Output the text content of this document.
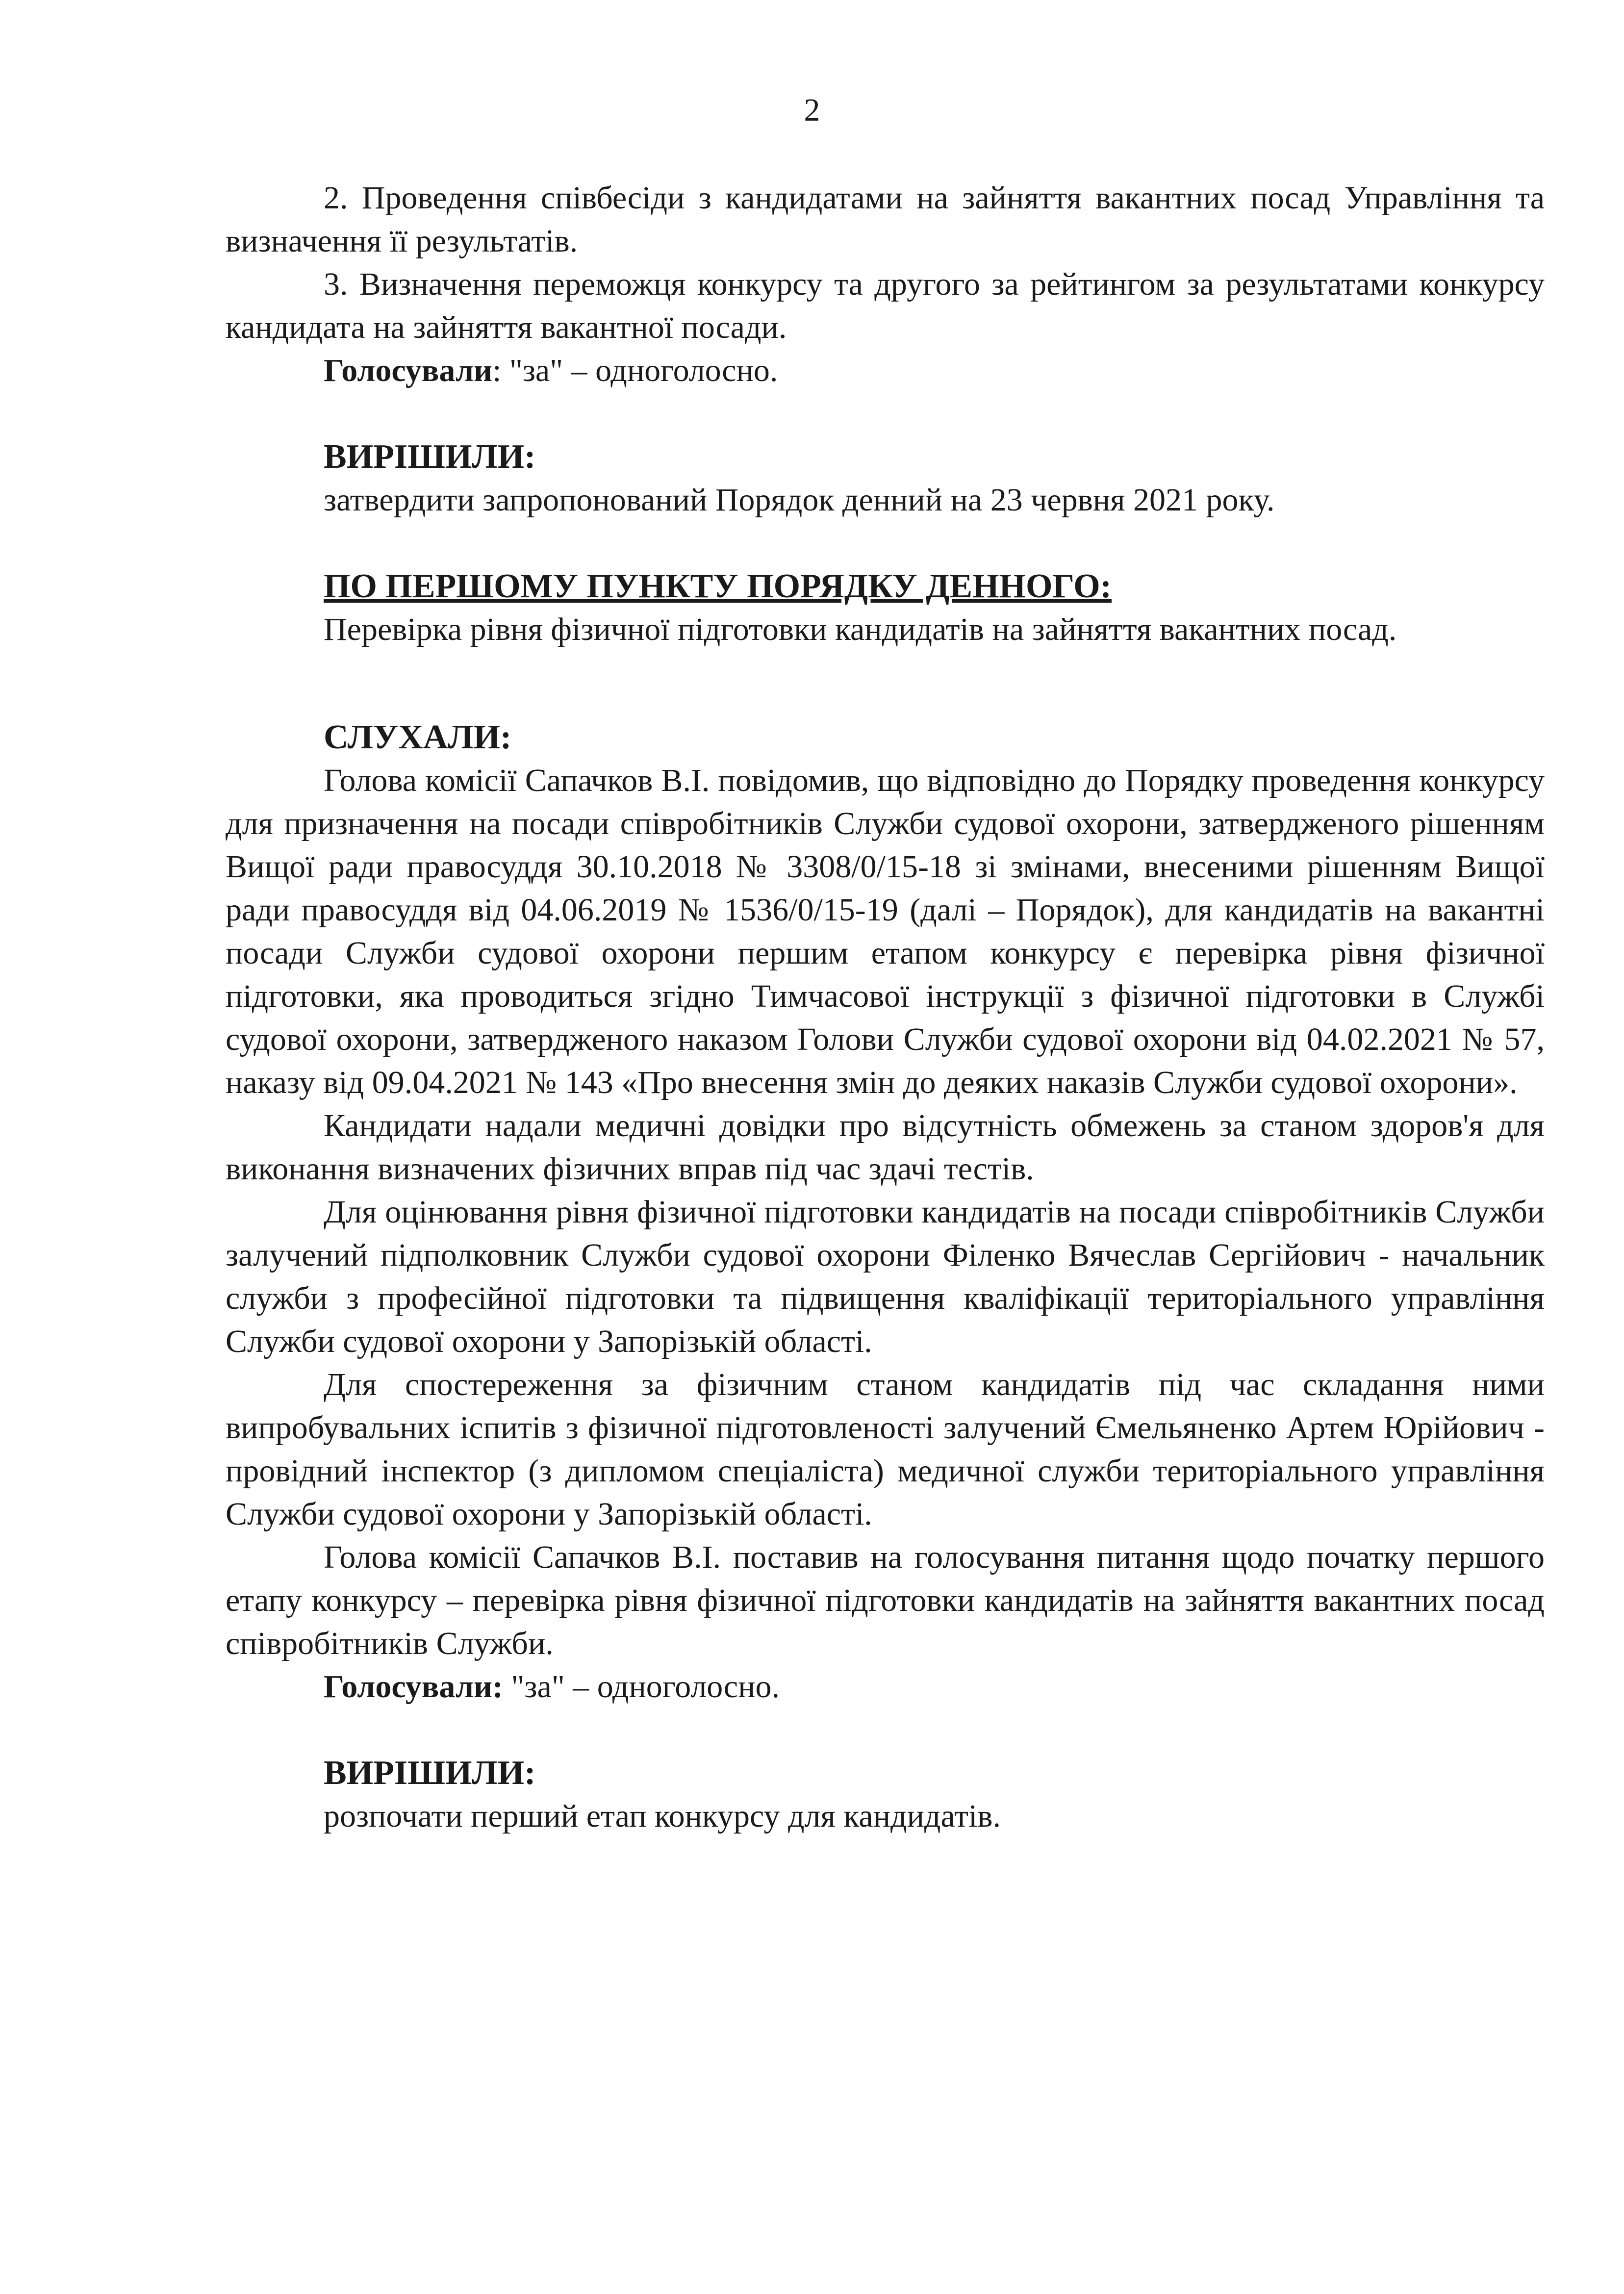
2

2. Проведення співбесіди з кандидатами на зайняття вакантних посад Управління та визначення її результатів.

3. Визначення переможця конкурсу та другого за рейтингом за результатами конкурсу кандидата на зайняття вакантної посади.

Голосували: "за" – одноголосно.

ВИРІШИЛИ:

затвердити запропонований Порядок денний на 23 червня 2021 року.

ПО ПЕРШОМУ ПУНКТУ ПОРЯДКУ ДЕННОГО:

Перевірка рівня фізичної підготовки кандидатів на зайняття вакантних посад.

СЛУХАЛИ:

Голова комісії Сапачков В.І. повідомив, що відповідно до Порядку проведення конкурсу для призначення на посади співробітників Служби судової охорони, затвердженого рішенням Вищої ради правосуддя 30.10.2018 № 3308/0/15-18 зі змінами, внесеними рішенням Вищої ради правосуддя від 04.06.2019 № 1536/0/15-19 (далі – Порядок), для кандидатів на вакантні посади Служби судової охорони першим етапом конкурсу є перевірка рівня фізичної підготовки, яка проводиться згідно Тимчасової інструкції з фізичної підготовки в Службі судової охорони, затвердженого наказом Голови Служби судової охорони від 04.02.2021 № 57, наказу від 09.04.2021 № 143 «Про внесення змін до деяких наказів Служби судової охорони».

Кандидати надали медичні довідки про відсутність обмежень за станом здоров'я для виконання визначених фізичних вправ під час здачі тестів.

Для оцінювання рівня фізичної підготовки кандидатів на посади співробітників Служби залучений підполковник Служби судової охорони Філенко Вячеслав Сергійович - начальник служби з професійної підготовки та підвищення кваліфікації територіального управління Служби судової охорони у Запорізькій області.

Для спостереження за фізичним станом кандидатів під час складання ними випробувальних іспитів з фізичної підготовленості залучений Ємельяненко Артем Юрійович - провідний інспектор (з дипломом спеціаліста) медичної служби територіального управління Служби судової охорони у Запорізькій області.

Голова комісії Сапачков В.І. поставив на голосування питання щодо початку першого етапу конкурсу – перевірка рівня фізичної підготовки кандидатів на зайняття вакантних посад співробітників Служби.

Голосували: "за" – одноголосно.

ВИРІШИЛИ:

розпочати перший етап конкурсу для кандидатів.
